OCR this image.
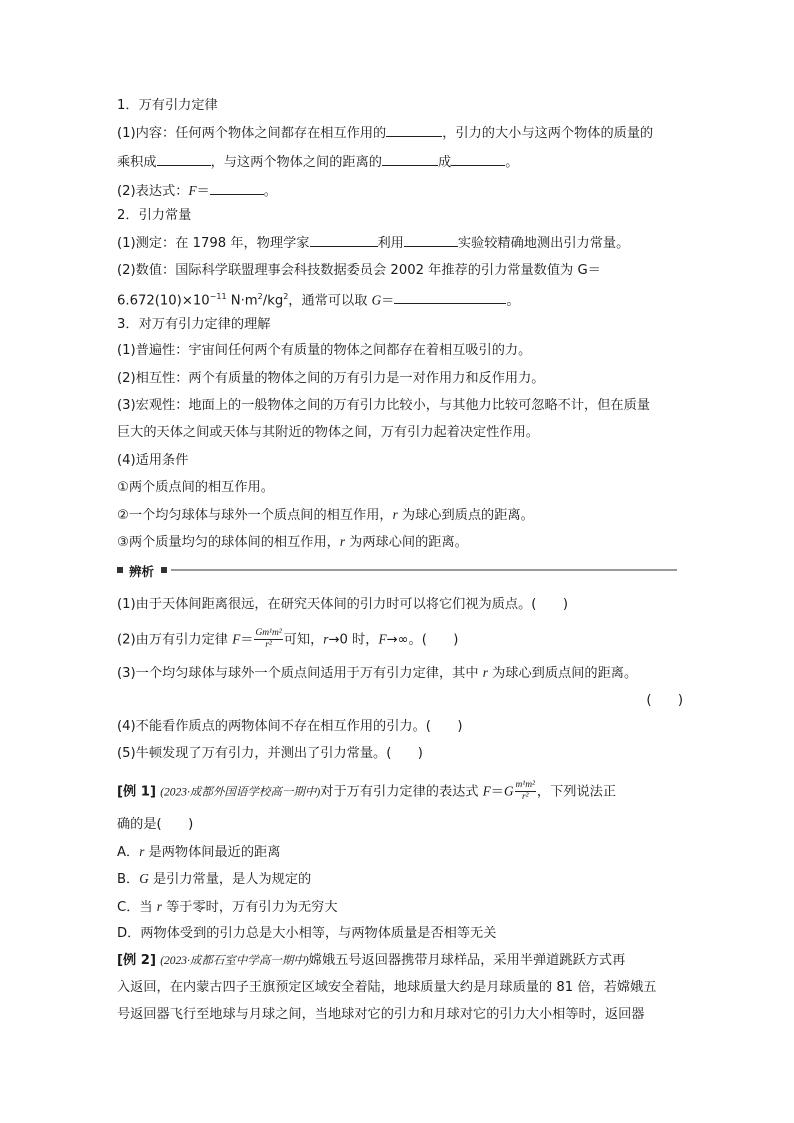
1．万有引力定律
(1)内容：任何两个物体之间都存在相互作用的	，引力的大小与这两个物体的质量的
乘积成	，与这两个物体之间的距离的	成	。
(2)表达式：F＝	。
2．引力常量
(1)测定：在 1798 年，物理学家	利用	实验较精确地测出引力常量。
(2)数值：国际科学联盟理事会科技数据委员会 2002 年推荐的引力常量数值为 G＝
$6.672(10)\times 10^{-11}$ $N\cdot m^2/kg^2$，通常可以取 G＝	。
3．对万有引力定律的理解
(1)普遍性：宇宙间任何两个有质量的物体之间都存在着相互吸引的力。
(2)相互性：两个有质量的物体之间的万有引力是一对作用力和反作用力。
(3)宏观性：地面上的一般物体之间的万有引力比较小，与其他力比较可忽略不计，但在质量
巨大的天体之间或天体与其附近的物体之间，万有引力起着决定性作用。
(4)适用条件
①两个质点间的相互作用。
②一个均匀球体与球外一个质点间的相互作用，r 为球心到质点的距离。
③两个质量均匀的球体间的相互作用，r 为两球心间的距离。
辨析
(1)由于天体间距离很远，在研究天体间的引力时可以将它们视为质点。(　　)
(2)由万有引力定律 $F= \frac{\text{Gm¹m²}}{\text{r²}}$ 可知，r→0 时，F→∞。(　　)
(3)一个均匀球体与球外一个质点间适用于万有引力定律，其中 r 为球心到质点间的距离。
(　　)
(4)不能看作质点的两物体间不存在相互作用的引力。(　　)
(5)牛顿发现了万有引力，并测出了引力常量。(　　)
[例 1] (2023·成都外国语学校高一期中)对于万有引力定律的表达式 $F=G \frac{\text{m¹m²}}{\text{r²}}$ ，下列说法正
确的是(　　)
A．r 是两物体间最近的距离
B．G 是引力常量，是人为规定的
C．当 r 等于零时，万有引力为无穷大
D．两物体受到的引力总是大小相等，与两物体质量是否相等无关
[例 2] (2023·成都石室中学高一期中)嫦娥五号返回器携带月球样品，采用半弹道跳跃方式再
入返回，在内蒙古四子王旗预定区域安全着陆，地球质量大约是月球质量的 81 倍，若嫦娥五
号返回器飞行至地球与月球之间，当地球对它的引力和月球对它的引力大小相等时，返回器
